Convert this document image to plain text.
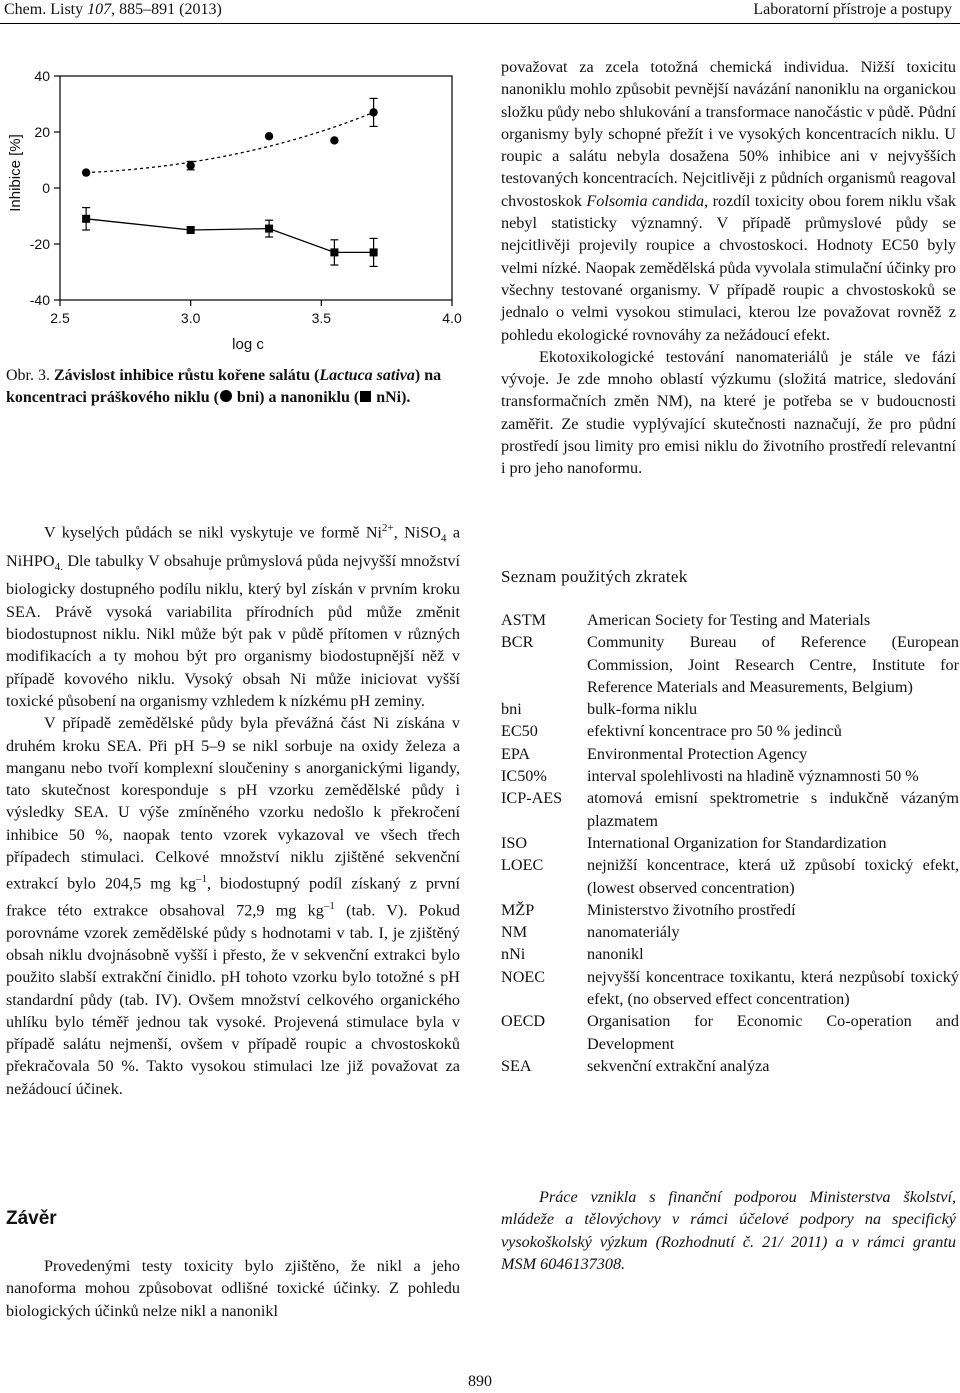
Chem. Listy 107, 885–891 (2013)	Laboratorní přístroje a postupy
40
20
0
-20
-40
2.5	3.0	3.5	4.0
log c
Inhibice [%]
Obr. 3. Závislost inhibice růstu kořene salátu (Lactuca sativa) na koncentraci práškového niklu ( bni) a nanoniklu ( nNi).

V kyselých půdách se nikl vyskytuje ve formě $Ni^{2+}$, NiSO$_4$ a NiHPO$_{4.}$ Dle tabulky V obsahuje průmyslová půda nejvyšší množství biologicky dostupného podílu niklu, který byl získán v prvním kroku SEA. Právě vysoká variabilita přírodních půd může změnit biodostupnost niklu. Nikl může být pak v půdě přítomen v různých modifikacích a ty mohou být pro organismy biodostupnější něž v případě kovového niklu. Vysoký obsah Ni může iniciovat vyšší toxické působení na organismy vzhledem k nízkému pH zeminy.

V případě zemědělské půdy byla převážná část Ni získána v druhém kroku SEA. Při pH 5–9 se nikl sorbuje na oxidy železa a manganu nebo tvoří komplexní sloučeniny s anorganickými ligandy, tato skutečnost koresponduje s pH vzorku zemědělské půdy i výsledky SEA. U výše zmíněného vzorku nedošlo k překročení inhibice 50 %, naopak tento vzorek vykazoval ve všech třech případech stimulaci. Celkové množství niklu zjištěné sekvenční extrakcí bylo 204,5 mg $kg^{-1}$, biodostupný podíl získaný z první frakce této extrakce obsahoval 72,9 mg $kg^{-1}$ (tab. V). Pokud porovnáme vzorek zemědělské půdy s hodnotami v tab. I, je zjištěný obsah niklu dvojnásobně vyšší i přesto, že v sekvenční extrakci bylo použito slabší extrakční činidlo. pH tohoto vzorku bylo totožné s pH standardní půdy (tab. IV). Ovšem množství celkového organického uhlíku bylo téměř jednou tak vysoké. Projevená stimulace byla v případě salátu nejmenší, ovšem v případě roupic a chvostoskoků překračovala 50 %. Takto vysokou stimulaci lze již považovat za nežádoucí účinek.

Závěr

Provedenými testy toxicity bylo zjištěno, že nikl a jeho nanoforma mohou způsobovat odlišné toxické účinky. Z pohledu biologických účinků nelze nikl a nanonikl

považovat za zcela totožná chemická individua. Nižší toxicitu nanoniklu mohlo způsobit pevnější navázání nanoniklu na organickou složku půdy nebo shlukování a transformace nanočástic v půdě. Půdní organismy byly schopné přežít i ve vysokých koncentracích niklu. U roupic a salátu nebyla dosažena 50% inhibice ani v nejvyšších testovaných koncentracích. Nejcitlivěji z půdních organismů reagoval chvostoskok Folsomia candida, rozdíl toxicity obou forem niklu však nebyl statisticky významný. V případě průmyslové půdy se nejcitlivěji projevily roupice a chvostoskoci. Hodnoty EC50 byly velmi nízké. Naopak zemědělská půda vyvolala stimulační účinky pro všechny testované organismy. V případě roupic a chvostoskoků se jednalo o velmi vysokou stimulaci, kterou lze považovat rovněž z pohledu ekologické rovnováhy za nežádoucí efekt.

Ekotoxikologické testování nanomateriálů je stále ve fázi vývoje. Je zde mnoho oblastí výzkumu (složitá matrice, sledování transformačních změn NM), na které je potřeba se v budoucnosti zaměřit. Ze studie vyplývající skutečnosti naznačují, že pro půdní prostředí jsou limity pro emisi niklu do životního prostředí relevantní i pro jeho nanoformu.

Seznam použitých zkratek
ASTM	American Society for Testing and Materials
BCR	Community Bureau of Reference (European Commission, Joint Research Centre, Institute for Reference Materials and Measurements, Belgium)
bni	bulk-forma niklu
EC50	efektivní koncentrace pro 50 % jedinců
EPA	Environmental Protection Agency
IC50%	interval spolehlivosti na hladině významnosti 50 %
ICP-AES	atomová emisní spektrometrie s indukčně vázaným plazmatem
ISO	International Organization for Standardization
LOEC	nejnižší koncentrace, která už způsobí toxický efekt, (lowest observed concentration)
MŽP	Ministerstvo životního prostředí
NM	nanomateriály
nNi	nanonikl
NOEC	nejvyšší koncentrace toxikantu, která nezpůsobí toxický efekt, (no observed effect concentration)
OECD	Organisation for Economic Co-operation and Development
SEA	sekvenční extrakční analýza
Práce vznikla s finanční podporou Ministerstva školství, mládeže a tělovýchovy v rámci účelové podpory na specifický vysokoškolský výzkum (Rozhodnutí č. 21/ 2011) a v rámci grantu MSM 6046137308.
890
